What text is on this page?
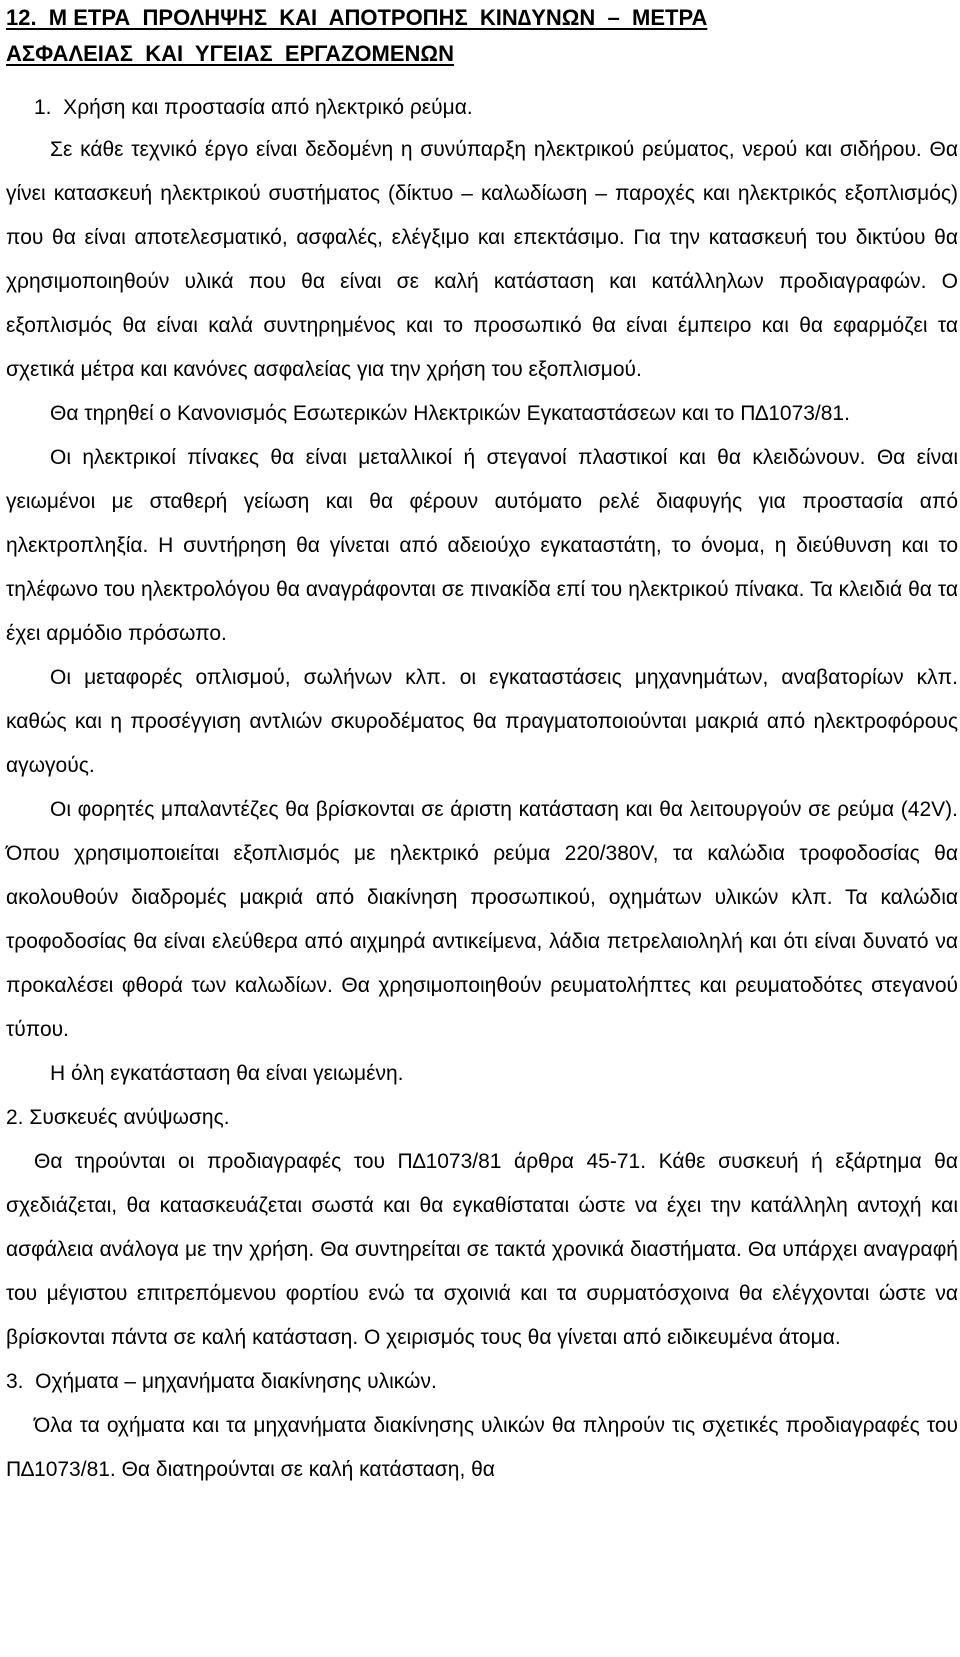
12.  Μ ΕΤΡΑ  ΠΡΟΛΗΨΗΣ  ΚΑΙ  ΑΠΟΤΡΟΠΗΣ  ΚΙΝ∆ΥΝΩΝ  –  ΜΕΤΡΑ

ΑΣΦΑΛΕΙΑΣ  ΚΑΙ  ΥΓΕΙΑΣ  ΕΡΓΑΖΟΜΕΝΩΝ

1.  Χρήση και προστασία από ηλεκτρικό ρεύμα.

Σε κάθε τεχνικό έργο είναι δεδομένη η συνύπαρξη ηλεκτρικού ρεύματος, νερού και σιδήρου. Θα γίνει κατασκευή ηλεκτρικού συστήματος (δίκτυο – καλωδίωση – παροχές και ηλεκτρικός εξοπλισμός) που θα είναι αποτελεσματικό, ασφαλές, ελέγξιμο και επεκτάσιμο. Για την κατασκευή του δικτύου θα χρησιμοποιηθούν υλικά που θα είναι σε καλή κατάσταση και κατάλληλων προδιαγραφών. Ο εξοπλισμός θα είναι καλά συντηρημένος και το προσωπικό θα είναι έμπειρο και θα εφαρμόζει τα σχετικά μέτρα και κανόνες ασφαλείας για την χρήση του εξοπλισμού.

Θα τηρηθεί ο Κανονισμός Εσωτερικών Ηλεκτρικών Εγκαταστάσεων και το Π∆1073/81.

Οι ηλεκτρικοί πίνακες θα είναι μεταλλικοί ή στεγανοί πλαστικοί και θα κλειδώνουν. Θα είναι γειωμένοι με σταθερή γείωση και θα φέρουν αυτόματο ρελέ διαφυγής για προστασία από ηλεκτροπληξία. Η συντήρηση θα γίνεται από αδειούχο εγκαταστάτη, το όνομα, η διεύθυνση και το τηλέφωνο του ηλεκτρολόγου θα αναγράφονται σε πινακίδα επί του ηλεκτρικού πίνακα. Τα κλειδιά θα τα έχει αρμόδιο πρόσωπο.

Οι μεταφορές οπλισμού, σωλήνων κλπ. οι εγκαταστάσεις μηχανημάτων, αναβατορίων κλπ. καθώς και η προσέγγιση αντλιών σκυροδέματος θα πραγματοποιούνται μακριά από ηλεκτροφόρους αγωγούς.

Οι φορητές μπαλαντέζες θα βρίσκονται σε άριστη κατάσταση και θα λειτουργούν σε ρεύμα (42V). Όπου χρησιμοποιείται εξοπλισμός με ηλεκτρικό ρεύμα 220/380V, τα καλώδια τροφοδοσίας θα ακολουθούν διαδρομές μακριά από διακίνηση προσωπικού, οχημάτων υλικών κλπ. Τα καλώδια τροφοδοσίας θα είναι ελεύθερα από αιχμηρά αντικείμενα, λάδια πετρελαιοληλή και ότι είναι δυνατό να προκαλέσει φθορά των καλωδίων. Θα χρησιμοποιηθούν ρευματολήπτες και ρευματοδότες στεγανού τύπου.

Η όλη εγκατάσταση θα είναι γειωμένη.

2. Συσκευές ανύψωσης.

Θα τηρούνται οι προδιαγραφές του Π∆1073/81 άρθρα 45-71. Κάθε συσκευή ή εξάρτημα θα σχεδιάζεται, θα κατασκευάζεται σωστά και θα εγκαθίσταται ώστε να έχει την κατάλληλη αντοχή και ασφάλεια ανάλογα με την χρήση. Θα συντηρείται σε τακτά χρονικά διαστήματα. Θα υπάρχει αναγραφή του μέγιστου επιτρεπόμενου φορτίου ενώ τα σχοινιά και τα συρματόσχοινα θα ελέγχονται ώστε να βρίσκονται πάντα σε καλή κατάσταση. Ο χειρισμός τους θα γίνεται από ειδικευμένα άτομα.

3.  Οχήματα – μηχανήματα διακίνησης υλικών.

Όλα τα οχήματα και τα μηχανήματα διακίνησης υλικών θα πληρούν τις σχετικές προδιαγραφές του Π∆1073/81. Θα διατηρούνται σε καλή κατάσταση, θα
